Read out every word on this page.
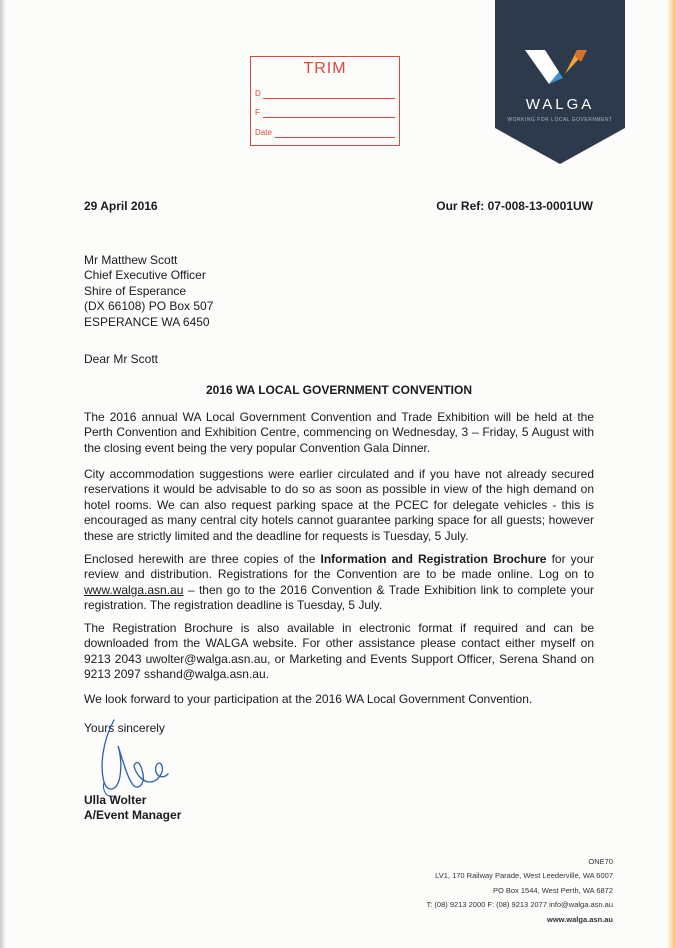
TRIM
D
F
Date
WALGA
WORKING FOR LOCAL GOVERNMENT
29 April 2016	Our Ref: 07-008-13-0001UW
Mr Matthew Scott
Chief Executive Officer
Shire of Esperance
(DX 66108) PO Box 507
ESPERANCE WA 6450
Dear Mr Scott
2016 WA LOCAL GOVERNMENT CONVENTION

The 2016 annual WA Local Government Convention and Trade Exhibition will be held at the Perth Convention and Exhibition Centre, commencing on Wednesday, 3 – Friday, 5 August with the closing event being the very popular Convention Gala Dinner.

City accommodation suggestions were earlier circulated and if you have not already secured reservations it would be advisable to do so as soon as possible in view of the high demand on hotel rooms. We can also request parking space at the PCEC for delegate vehicles - this is encouraged as many central city hotels cannot guarantee parking space for all guests; however these are strictly limited and the deadline for requests is Tuesday, 5 July.

Enclosed herewith are three copies of the Information and Registration Brochure for your review and distribution. Registrations for the Convention are to be made online. Log on to www.walga.asn.au – then go to the 2016 Convention & Trade Exhibition link to complete your registration. The registration deadline is Tuesday, 5 July.

The Registration Brochure is also available in electronic format if required and can be downloaded from the WALGA website. For other assistance please contact either myself on 9213 2043 uwolter@walga.asn.au, or Marketing and Events Support Officer, Serena Shand on 9213 2097 sshand@walga.asn.au.

We look forward to your participation at the 2016 WA Local Government Convention.

Yours sincerely
Ulla Wolter
A/Event Manager
ONE70
LV1, 170 Railway Parade, West Leederville, WA 6007
PO Box 1544, West Perth, WA 6872
T: (08) 9213 2000 F: (08) 9213 2077 info@walga.asn.au
www.walga.asn.au
